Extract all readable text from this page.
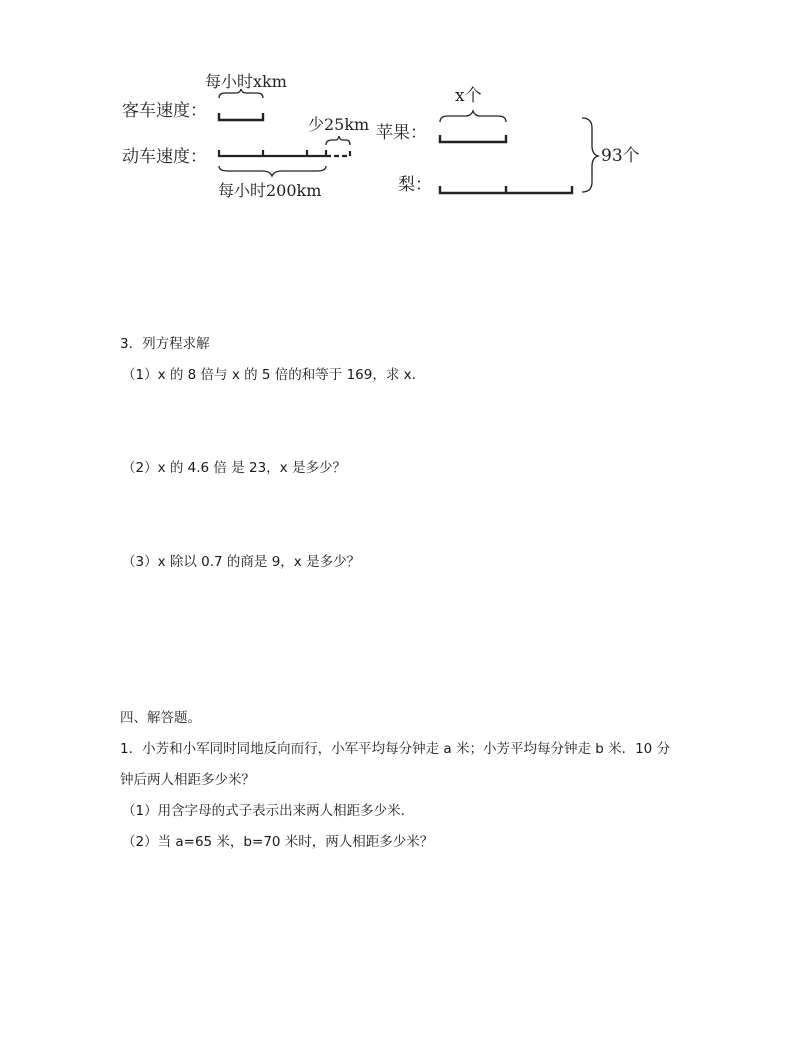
客车速度：
每小时xkm
动车速度：
少25km
每小时200km
苹果：
x个
梨：
93个
3．列方程求解
（1）x 的 8 倍与 x 的 5 倍的和等于 169，求 x．
（2）x 的 4.6 倍 是 23，x 是多少？
（3）x 除以 0.7 的商是 9，x 是多少？
四、解答题。
1．小芳和小军同时同地反向而行，小军平均每分钟走 a 米；小芳平均每分钟走 b 米．10 分
钟后两人相距多少米？
（1）用含字母的式子表示出来两人相距多少米．
（2）当 a=65 米，b=70 米时，两人相距多少米？
